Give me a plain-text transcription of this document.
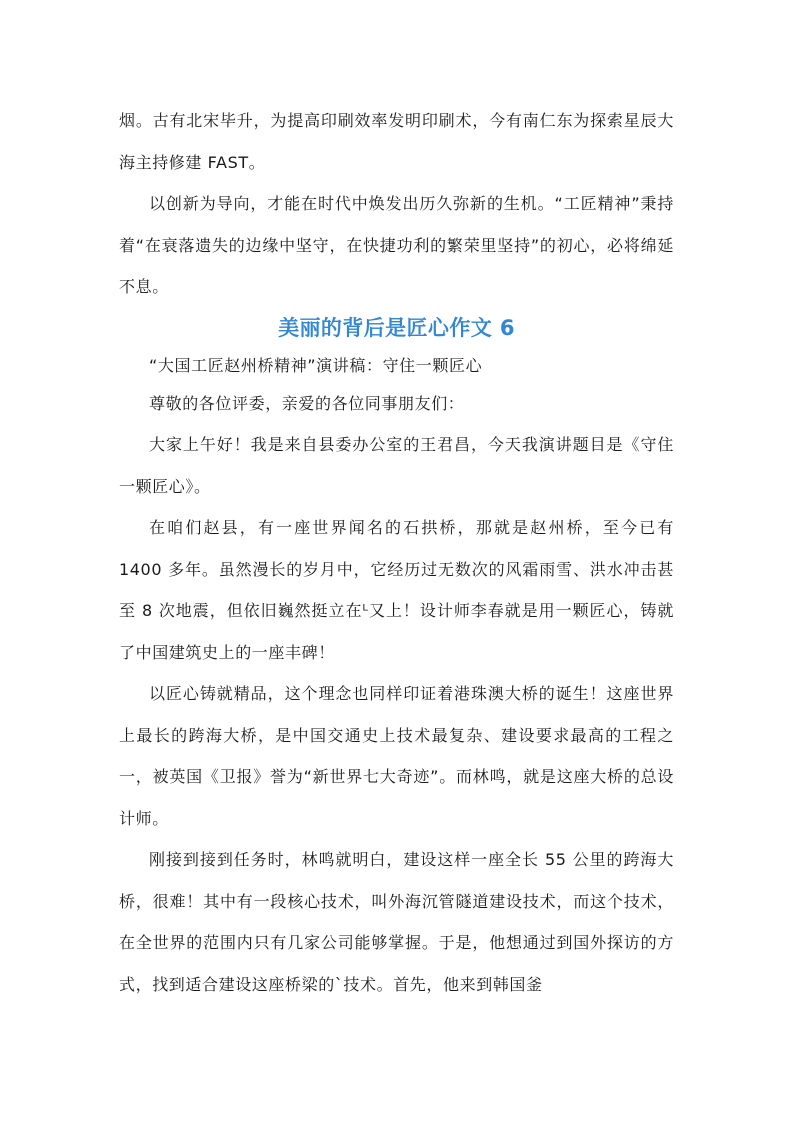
烟。古有北宋毕升，为提高印刷效率发明印刷术，今有南仁东为探索星辰大海主持修建 FAST。

以创新为导向，才能在时代中焕发出历久弥新的生机。“工匠精神”秉持着“在衰落遗失的边缘中坚守，在快捷功利的繁荣里坚持”的初心，必将绵延不息。

美丽的背后是匠心作文 6

“大国工匠赵州桥精神”演讲稿：守住一颗匠心

尊敬的各位评委，亲爱的各位同事朋友们：

大家上午好！我是来自县委办公室的王君昌，今天我演讲题目是《守住一颗匠心》。

在咱们赵县，有一座世界闻名的石拱桥，那就是赵州桥，至今已有 1400 多年。虽然漫长的岁月中，它经历过无数次的风霜雨雪、洪水冲击甚至 8 次地震，但依旧巍然挺立在ᴸ又上！设计师李春就是用一颗匠心，铸就了中国建筑史上的一座丰碑！

以匠心铸就精品，这个理念也同样印证着港珠澳大桥的诞生！这座世界上最长的跨海大桥，是中国交通史上技术最复杂、建设要求最高的工程之一，被英国《卫报》誉为“新世界七大奇迹”。而林鸣，就是这座大桥的总设计师。

刚接到接到任务时，林鸣就明白，建设这样一座全长 55 公里的跨海大桥，很难！其中有一段核心技术，叫外海沉管隧道建设技术，而这个技术，在全世界的范围内只有几家公司能够掌握。于是，他想通过到国外探访的方式，找到适合建设这座桥梁的`技术。首先，他来到韩国釜
